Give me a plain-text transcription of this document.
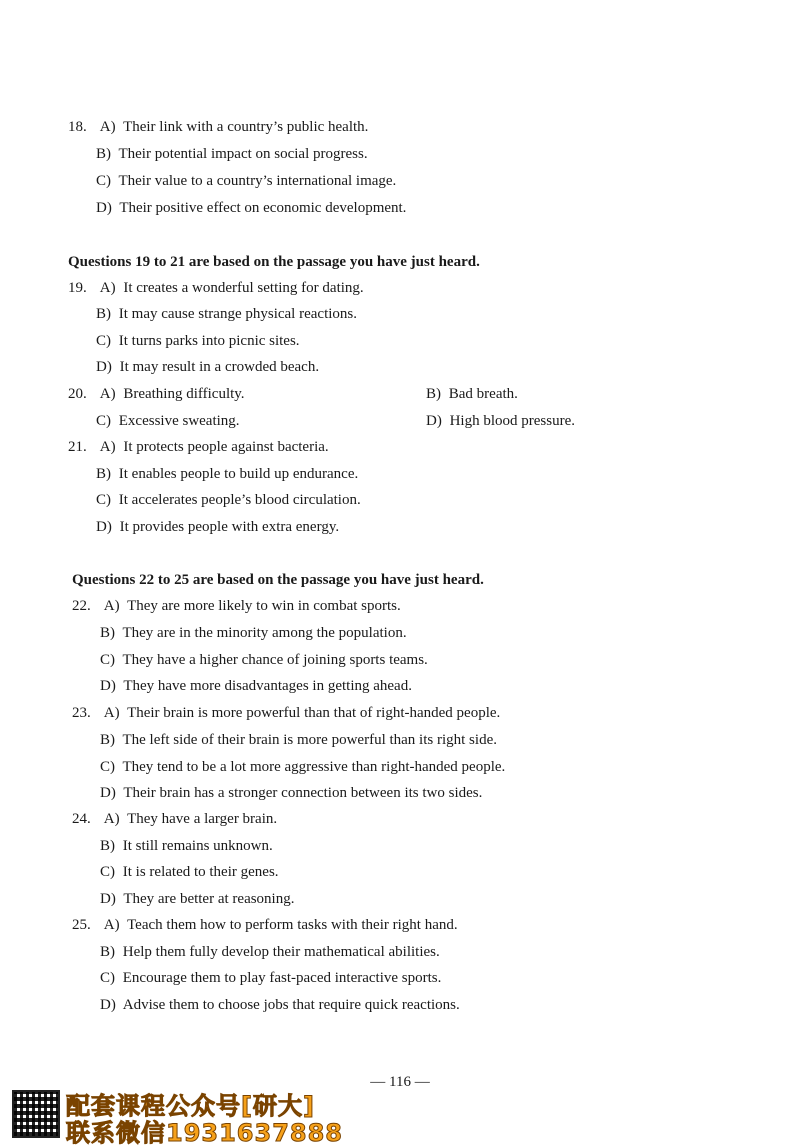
18. A) Their link with a country’s public health.
B) Their potential impact on social progress.
C) Their value to a country’s international image.
D) Their positive effect on economic development.
Questions 19 to 21 are based on the passage you have just heard.
19. A) It creates a wonderful setting for dating.
B) It may cause strange physical reactions.
C) It turns parks into picnic sites.
D) It may result in a crowded beach.
20. A) Breathing difficulty.	B) Bad breath.
C) Excessive sweating.	D) High blood pressure.
21. A) It protects people against bacteria.
B) It enables people to build up endurance.
C) It accelerates people’s blood circulation.
D) It provides people with extra energy.
Questions 22 to 25 are based on the passage you have just heard.
22. A) They are more likely to win in combat sports.
B) They are in the minority among the population.
C) They have a higher chance of joining sports teams.
D) They have more disadvantages in getting ahead.
23. A) Their brain is more powerful than that of right-handed people.
B) The left side of their brain is more powerful than its right side.
C) They tend to be a lot more aggressive than right-handed people.
D) Their brain has a stronger connection between its two sides.
24. A) They have a larger brain.
B) It still remains unknown.
C) It is related to their genes.
D) They are better at reasoning.
25. A) Teach them how to perform tasks with their right hand.
B) Help them fully develop their mathematical abilities.
C) Encourage them to play fast-paced interactive sports.
D) Advise them to choose jobs that require quick reactions.
— 116 —
配套课程公众号[研大]
联系微信1931637888
